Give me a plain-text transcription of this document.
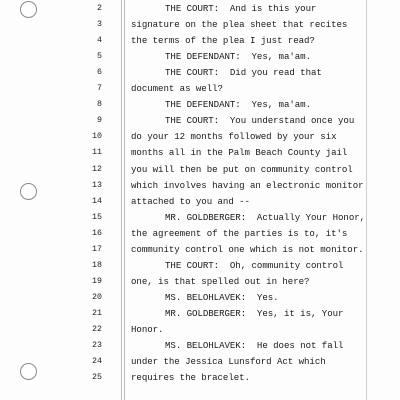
2	THE COURT:  And is this your
3	signature on the plea sheet that recites
4	the terms of the plea I just read?
5	THE DEFENDANT:  Yes, ma'am.
6	THE COURT:  Did you read that
7	document as well?
8	THE DEFENDANT:  Yes, ma'am.
9	THE COURT:  You understand once you
10	do your 12 months followed by your six
11	months all in the Palm Beach County jail
12	you will then be put on community control
13	which involves having an electronic monitor
14	attached to you and --
15	MR. GOLDBERGER:  Actually Your Honor,
16	the agreement of the parties is to, it's
17	community control one which is not monitor.
18	THE COURT:  Oh, community control
19	one, is that spelled out in here?
20	MS. BELOHLAVEK:  Yes.
21	MR. GOLDBERGER:  Yes, it is, Your
22	Honor.
23	MS. BELOHLAVEK:  He does not fall
24	under the Jessica Lunsford Act which
25	requires the bracelet.
